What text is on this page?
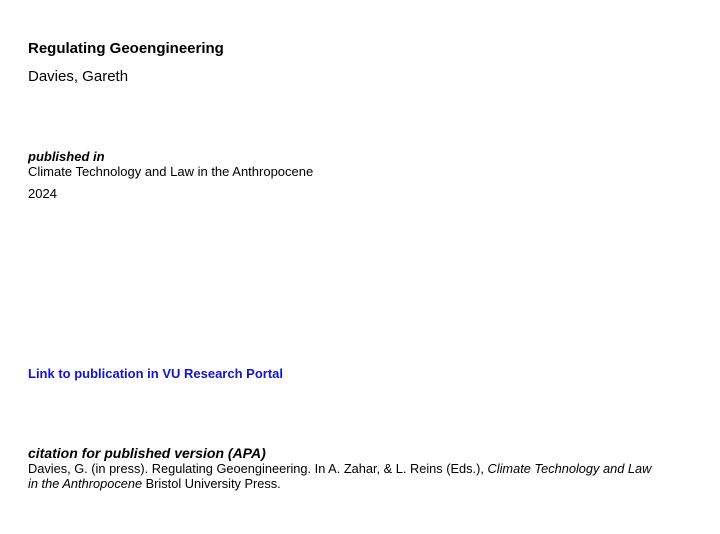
Regulating Geoengineering
Davies, Gareth
published in
Climate Technology and Law in the Anthropocene
2024
Link to publication in VU Research Portal
citation for published version (APA)

Davies, G. (in press). Regulating Geoengineering. In A. Zahar, & L. Reins (Eds.), Climate Technology and Law
in the Anthropocene Bristol University Press.
